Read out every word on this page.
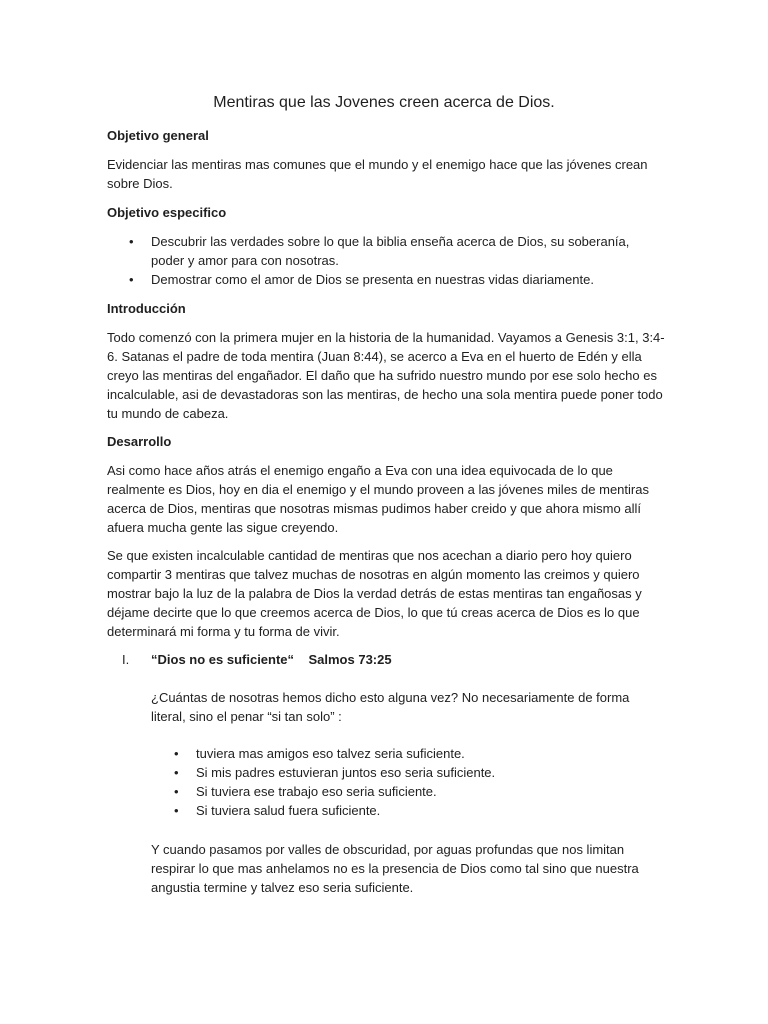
Mentiras que las Jovenes creen acerca de Dios.
Objetivo general
Evidenciar las mentiras mas comunes que el mundo y el enemigo hace que las jóvenes crean sobre Dios.
Objetivo especifico
• Descubrir las verdades sobre lo que la biblia enseña acerca de Dios, su soberanía, poder y amor para con nosotras.
• Demostrar como el amor de Dios se presenta en nuestras vidas diariamente.
Introducción
Todo comenzó con la primera mujer en la historia de la humanidad. Vayamos a Genesis 3:1, 3:4-6. Satanas el padre de toda mentira (Juan 8:44), se acerco a Eva en el huerto de Edén y ella creyo las mentiras del engañador. El daño que ha sufrido nuestro mundo por ese solo hecho es incalculable, asi de devastadoras son las mentiras, de hecho una sola mentira puede poner todo tu mundo de cabeza.
Desarrollo
Asi como hace años atrás el enemigo engaño a Eva con una idea equivocada de lo que realmente es Dios, hoy en dia el enemigo y el mundo proveen a las jóvenes miles de mentiras acerca de Dios, mentiras que nosotras mismas pudimos haber creido y que ahora mismo allí afuera mucha gente las sigue creyendo.
Se que existen incalculable cantidad de mentiras que nos acechan a diario pero hoy quiero compartir 3 mentiras que talvez muchas de nosotras en algún momento las creimos y quiero mostrar bajo la luz de la palabra de Dios la verdad detrás de estas mentiras tan engañosas y déjame decirte que lo que creemos acerca de Dios, lo que tú creas acerca de Dios es lo que determinará mi forma y tu forma de vivir.
I. “Dios no es suficiente“    Salmos 73:25
¿Cuántas de nosotras hemos dicho esto alguna vez? No necesariamente de forma literal, sino el penar “si tan solo” :
• tuviera mas amigos eso talvez seria suficiente.
• Si mis padres estuvieran juntos eso seria suficiente.
• Si tuviera ese trabajo eso seria suficiente.
• Si tuviera salud fuera suficiente.
Y cuando pasamos por valles de obscuridad, por aguas profundas que nos limitan respirar lo que mas anhelamos no es la presencia de Dios como tal sino que nuestra angustia termine y talvez eso seria suficiente.
